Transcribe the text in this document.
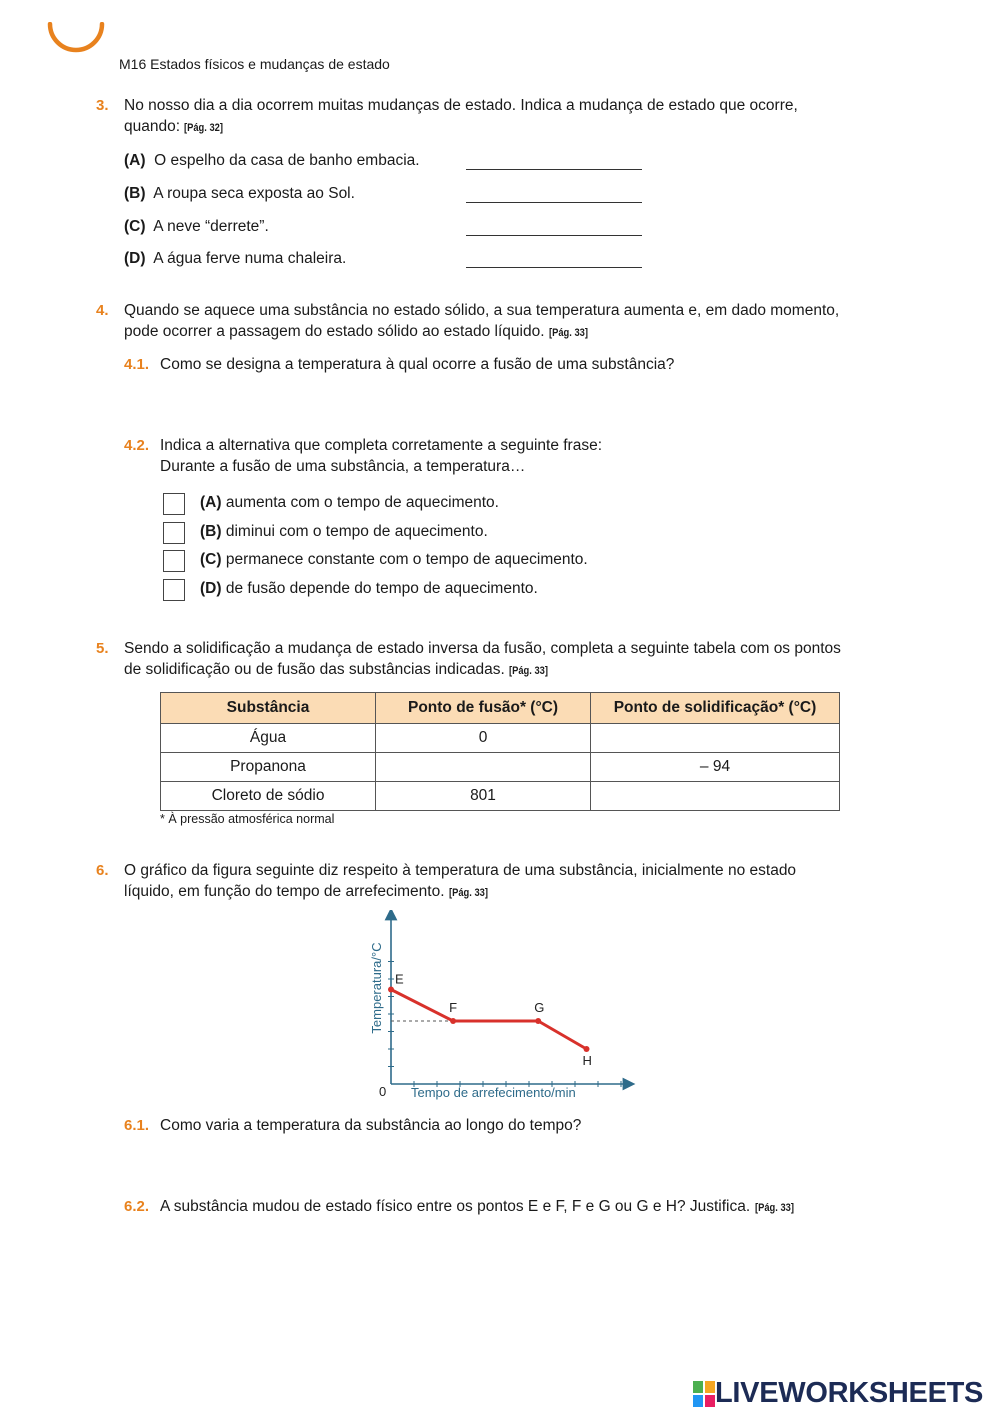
M16 Estados físicos e mudanças de estado
3. No nosso dia a dia ocorrem muitas mudanças de estado. Indica a mudança de estado que ocorre,
quando: [Pág. 32]
(A) O espelho da casa de banho embacia.
(B) A roupa seca exposta ao Sol.
(C) A neve “derrete”.
(D) A água ferve numa chaleira.
4. Quando se aquece uma substância no estado sólido, a sua temperatura aumenta e, em dado momento,
pode ocorrer a passagem do estado sólido ao estado líquido. [Pág. 33]
4.1. Como se designa a temperatura à qual ocorre a fusão de uma substância?
4.2. Indica a alternativa que completa corretamente a seguinte frase:
Durante a fusão de uma substância, a temperatura…
(A) aumenta com o tempo de aquecimento.
(B) diminui com o tempo de aquecimento.
(C) permanece constante com o tempo de aquecimento.
(D) de fusão depende do tempo de aquecimento.
5. Sendo a solidificação a mudança de estado inversa da fusão, completa a seguinte tabela com os pontos
de solidificação ou de fusão das substâncias indicadas. [Pág. 33]
Substância	Ponto de fusão* (°C)	Ponto de solidificação* (°C)
Água	0	
Propanona		– 94
Cloreto de sódio	801	
* À pressão atmosférica normal
6. O gráfico da figura seguinte diz respeito à temperatura de uma substância, inicialmente no estado
líquido, em função do tempo de arrefecimento. [Pág. 33]
E
F	G
H
Temperatura/°C
Tempo de arrefecimento/min
0
6.1. Como varia a temperatura da substância ao longo do tempo?
6.2. A substância mudou de estado físico entre os pontos E e F, F e G ou G e H? Justifica. [Pág. 33]
LIVEWORKSHEETS
